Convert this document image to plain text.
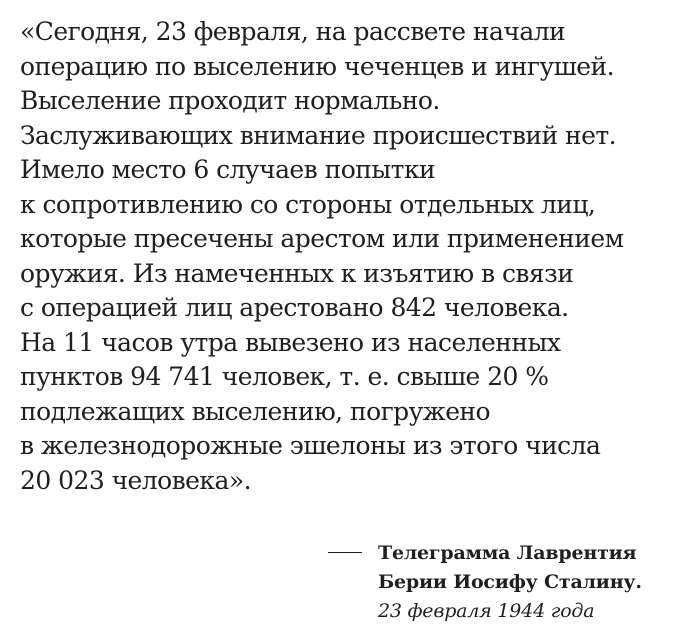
«Сегодня, 23 февраля, на рассвете начали
операцию по выселению чеченцев и ингушей.
Выселение проходит нормально.
Заслуживающих внимание происшествий нет.
Имело место 6 случаев попытки
к сопротивлению со стороны отдельных лиц,
которые пресечены арестом или применением
оружия. Из намеченных к изъятию в связи
с операцией лиц арестовано 842 человека.
На 11 часов утра вывезено из населенных
пунктов 94 741 человек, т. е. свыше 20 %
подлежащих выселению, погружено
в железнодорожные эшелоны из этого числа
20 023 человека».
Телеграмма Лаврентия
Берии Иосифу Сталину.
23 февраля 1944 года
